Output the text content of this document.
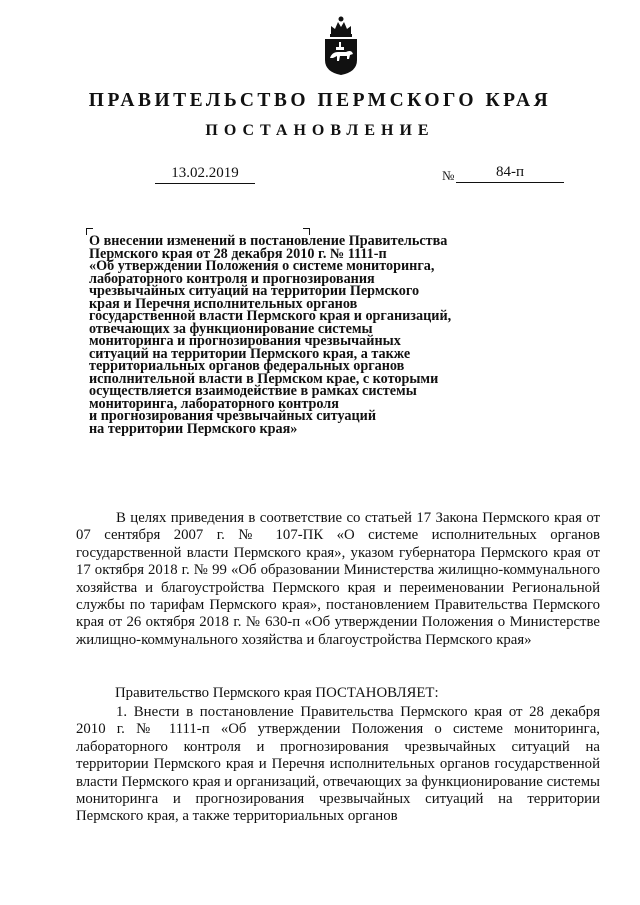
ПРАВИТЕЛЬСТВО ПЕРМСКОГО КРАЯ
ПОСТАНОВЛЕНИЕ
13.02.2019	№	84-п
О внесении изменений в постановление Правительства
Пермского края от 28 декабря 2010 г. № 1111-п
«Об утверждении Положения о системе мониторинга,
лабораторного контроля и прогнозирования
чрезвычайных ситуаций на территории Пермского
края и Перечня исполнительных органов
государственной власти Пермского края и организаций,
отвечающих за функционирование системы
мониторинга и прогнозирования чрезвычайных
ситуаций на территории Пермского края, а также
территориальных органов федеральных органов
исполнительной власти в Пермском крае, с которыми
осуществляется взаимодействие в рамках системы
мониторинга, лабораторного контроля
и прогнозирования чрезвычайных ситуаций
на территории Пермского края»

В целях приведения в соответствие со статьей 17 Закона Пермского края от 07 сентября 2007 г. № 107-ПК «О системе исполнительных органов государственной власти Пермского края», указом губернатора Пермского края от 17 октября 2018 г. № 99 «Об образовании Министерства жилищно-коммунального хозяйства и благоустройства Пермского края и переименовании Региональной службы по тарифам Пермского края», постановлением Правительства Пермского края от 26 октября 2018 г. № 630-п «Об утверждении Положения о Министерстве жилищно-коммунального хозяйства и благоустройства Пермского края»

Правительство Пермского края ПОСТАНОВЛЯЕТ:

1. Внести в постановление Правительства Пермского края от 28 декабря 2010 г. № 1111-п «Об утверждении Положения о системе мониторинга, лабораторного контроля и прогнозирования чрезвычайных ситуаций на территории Пермского края и Перечня исполнительных органов государственной власти Пермского края и организаций, отвечающих за функционирование системы мониторинга и прогнозирования чрезвычайных ситуаций на территории Пермского края, а также территориальных органов
